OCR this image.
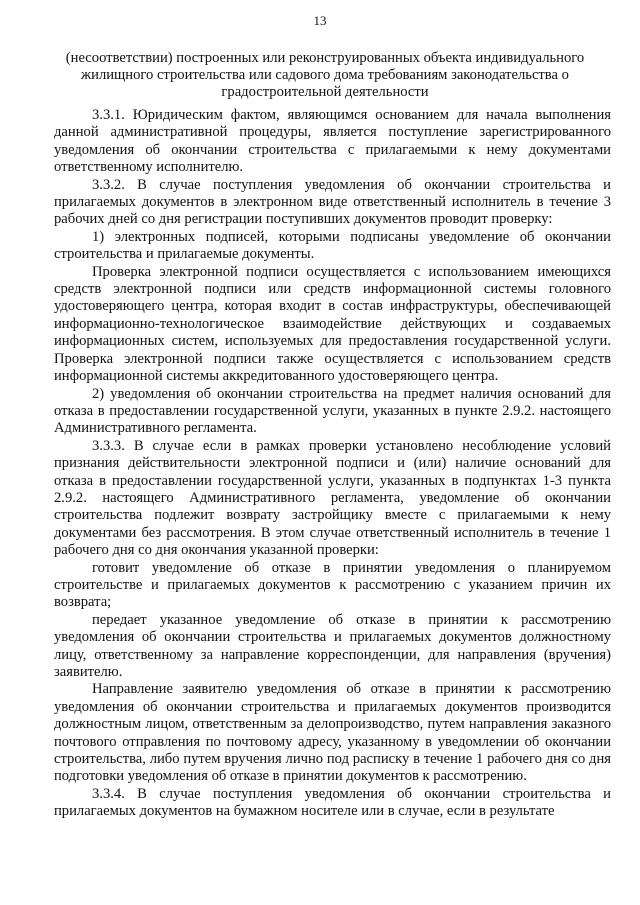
13
(несоответствии) построенных или реконструированных объекта индивидуального жилищного строительства или садового дома требованиям законодательства о градостроительной деятельности

3.3.1. Юридическим фактом, являющимся основанием для начала выполнения данной административной процедуры, является поступление зарегистрированного уведомления об окончании строительства с прилагаемыми к нему документами ответственному исполнителю.

3.3.2. В случае поступления уведомления об окончании строительства и прилагаемых документов в электронном виде ответственный исполнитель в течение 3 рабочих дней со дня регистрации поступивших документов проводит проверку:

1) электронных подписей, которыми подписаны уведомление об окончании строительства и прилагаемые документы.

Проверка электронной подписи осуществляется с использованием имеющихся средств электронной подписи или средств информационной системы головного удостоверяющего центра, которая входит в состав инфраструктуры, обеспечивающей информационно-технологическое взаимодействие действующих и создаваемых информационных систем, используемых для предоставления государственной услуги. Проверка электронной подписи также осуществляется с использованием средств информационной системы аккредитованного удостоверяющего центра.

2) уведомления об окончании строительства на предмет наличия оснований для отказа в предоставлении государственной услуги, указанных в пункте 2.9.2. настоящего Административного регламента.

3.3.3. В случае если в рамках проверки установлено несоблюдение условий признания действительности электронной подписи и (или) наличие оснований для отказа в предоставлении государственной услуги, указанных в подпунктах 1-3 пункта 2.9.2. настоящего Административного регламента, уведомление об окончании строительства подлежит возврату застройщику вместе с прилагаемыми к нему документами без рассмотрения. В этом случае ответственный исполнитель в течение 1 рабочего дня со дня окончания указанной проверки:

готовит уведомление об отказе в принятии уведомления о планируемом строительстве и прилагаемых документов к рассмотрению с указанием причин их возврата;

передает указанное уведомление об отказе в принятии к рассмотрению уведомления об окончании строительства и прилагаемых документов должностному лицу, ответственному за направление корреспонденции, для направления (вручения) заявителю.

Направление заявителю уведомления об отказе в принятии к рассмотрению уведомления об окончании строительства и прилагаемых документов производится должностным лицом, ответственным за делопроизводство, путем направления заказного почтового отправления по почтовому адресу, указанному в уведомлении об окончании строительства, либо путем вручения лично под расписку в течение 1 рабочего дня со дня подготовки уведомления об отказе в принятии документов к рассмотрению.

3.3.4. В случае поступления уведомления об окончании строительства и прилагаемых документов на бумажном носителе или в случае, если в результате
